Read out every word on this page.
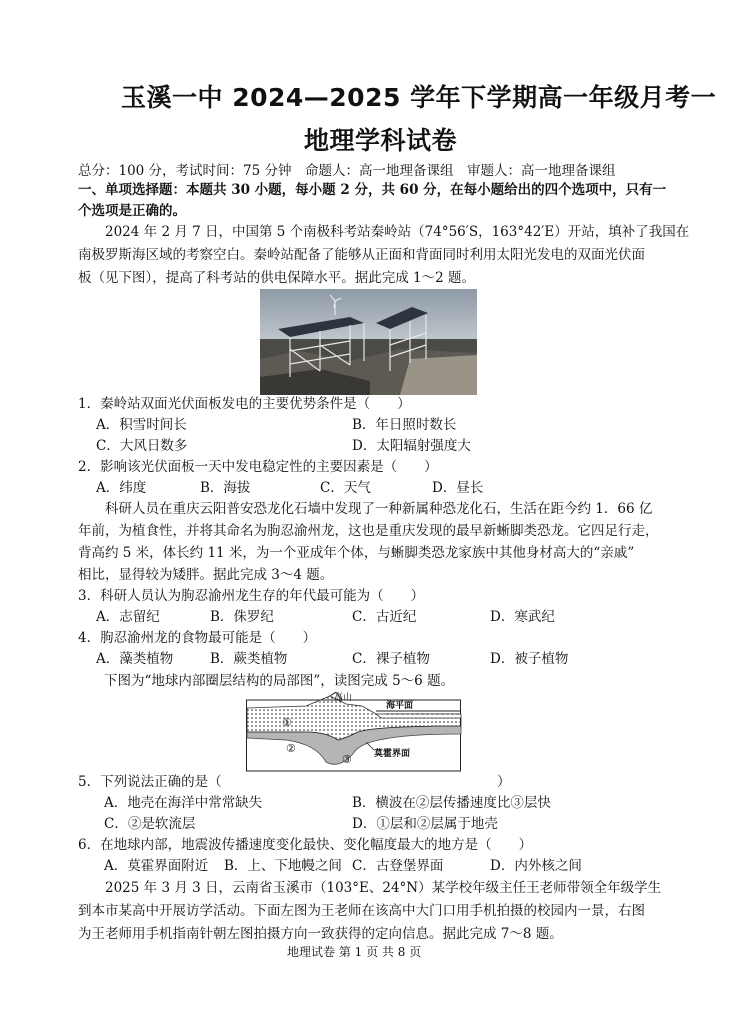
玉溪一中 2024—2025 学年下学期高一年级月考一
地理学科试卷
总分：100 分，考试时间：75 分钟　命题人：高一地理备课组　审题人：高一地理备课组
一、单项选择题：本题共 30 小题，每小题 2 分，共 60 分，在每小题给出的四个选项中，只有一
个选项是正确的。
　　2024 年 2 月 7 日，中国第 5 个南极科考站秦岭站（74°56′S，163°42′E）开站，填补了我国在
南极罗斯海区域的考察空白。秦岭站配备了能够从正面和背面同时利用太阳光发电的双面光伏面
板（见下图），提高了科考站的供电保障水平。据此完成 1～2 题。
1．秦岭站双面光伏面板发电的主要优势条件是（　　）
A．积雪时间长	B．年日照时数长
C．大风日数多	D．太阳辐射强度大
2．影响该光伏面板一天中发电稳定性的主要因素是（　　）
A．纬度	B．海拔	C．天气	D．昼长
　　科研人员在重庆云阳普安恐龙化石墙中发现了一种新属种恐龙化石，生活在距今约 1．66 亿
年前，为植食性，并将其命名为朐忍渝州龙，这也是重庆发现的最早新蜥脚类恐龙。它四足行走，
背高约 5 米，体长约 11 米，为一个亚成年个体，与蜥脚类恐龙家族中其他身材高大的“亲戚”
相比，显得较为矮胖。据此完成 3～4 题。
3．科研人员认为朐忍渝州龙生存的年代最可能为（　　）
A．志留纪	B．侏罗纪	C．古近纪	D．寒武纪
4．朐忍渝州龙的食物最可能是（　　）
A．藻类植物	B．蕨类植物	C．裸子植物	D．被子植物
下图为“地球内部圈层结构的局部图”，读图完成 5～6 题。
高山
海平面
莫霍界面
①
②
③
5．下列说法正确的是（	）
A．地壳在海洋中常常缺失	B．横波在②层传播速度比③层快
C．②是软流层	D．①层和②层属于地壳
6．在地球内部，地震波传播速度变化最快、变化幅度最大的地方是（　　）
A．莫霍界面附近 B．上、下地幔之间 C．古登堡界面	D．内外核之间
　　2025 年 3 月 3 日，云南省玉溪市（103°E、24°N）某学校年级主任王老师带领全年级学生
到本市某高中开展访学活动。下面左图为王老师在该高中大门口用手机拍摄的校园内一景，右图
为王老师用手机指南针朝左图拍摄方向一致获得的定向信息。据此完成 7～8 题。
地理试卷 第 1 页 共 8 页
